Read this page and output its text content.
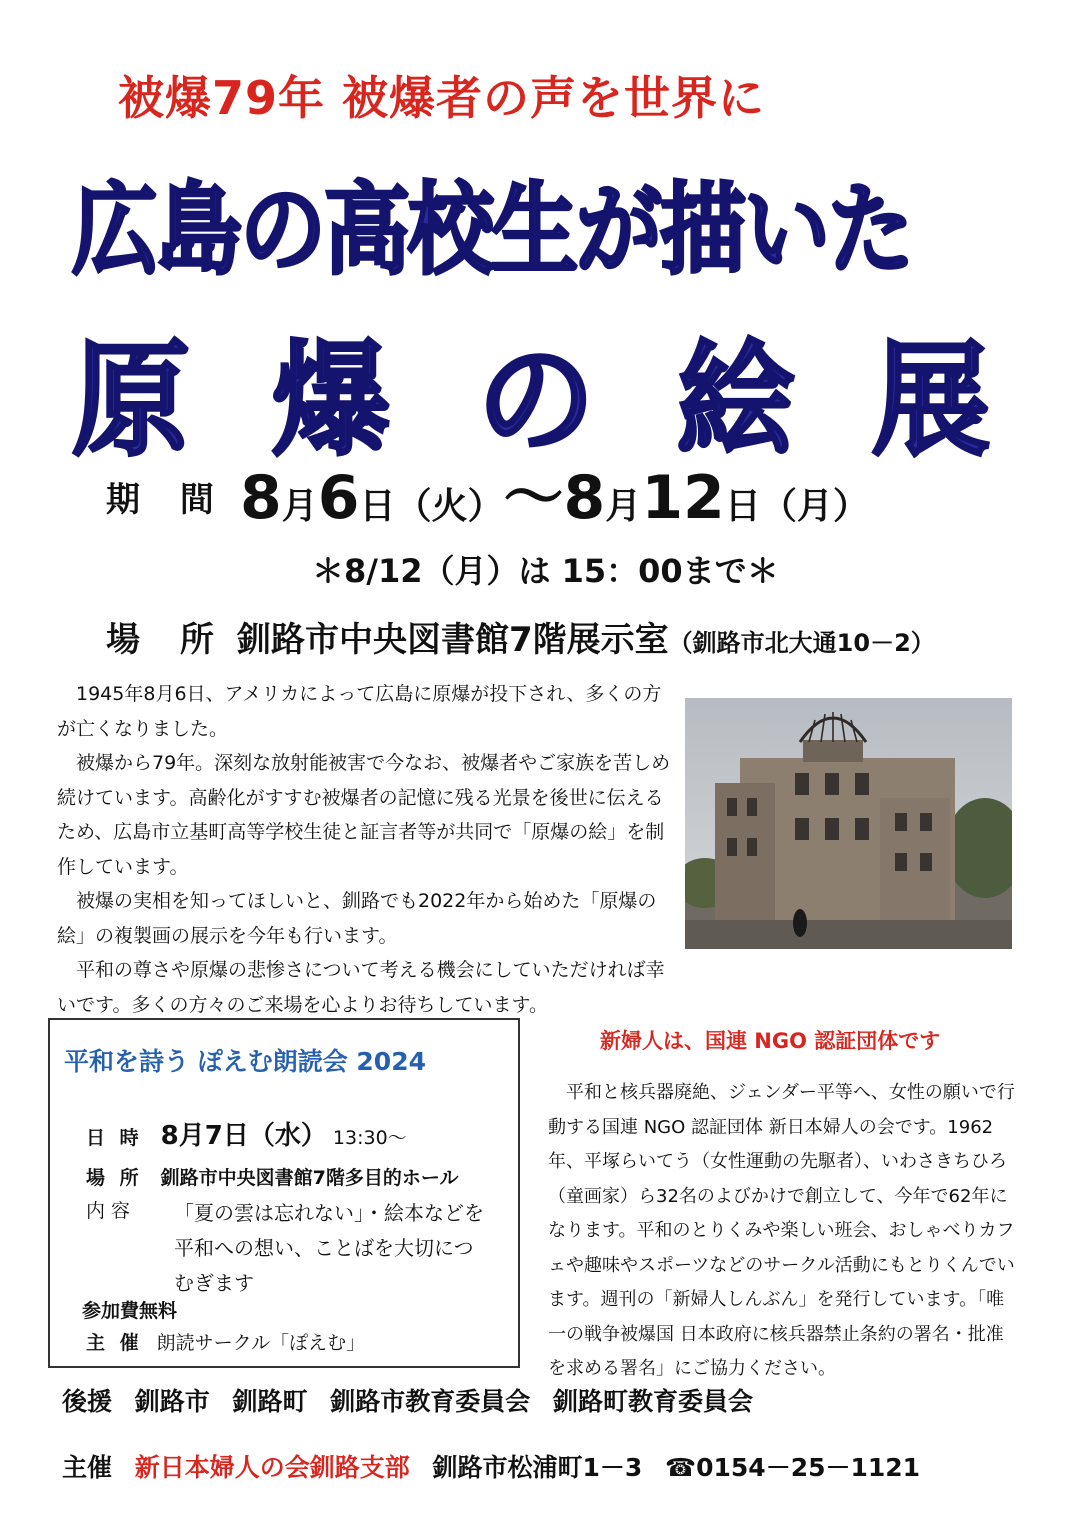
被爆79年 被爆者の声を世界に
広島の高校生が描いた
原 爆 の 絵 展
期 間 8月6日（火）～8月12日（月）
＊8/12（月）は 15：00まで＊
場 所 釧路市中央図書館7階展示室（釧路市北大通10－2）

1945年8月6日、アメリカによって広島に原爆が投下され、多くの方が亡くなりました。

被爆から79年。深刻な放射能被害で今なお、被爆者やご家族を苦しめ続けています。高齢化がすすむ被爆者の記憶に残る光景を後世に伝えるため、広島市立基町高等学校生徒と証言者等が共同で「原爆の絵」を制作しています。

被爆の実相を知ってほしいと、釧路でも2022年から始めた「原爆の絵」の複製画の展示を今年も行います。

平和の尊さや原爆の悲惨さについて考える機会にしていただければ幸いです。多くの方々のご来場を心よりお待ちしています。

平和を詩う ぽえむ朗読会 2024
日 時 8月7日（水） 13:30～
場 所 釧路市中央図書館7階多目的ホール
内 容 「夏の雲は忘れない」・絵本などを
平和への想い、ことばを大切につ
むぎます
参加費無料
主 催 朗読サークル「ぽえむ」
新婦人は、国連 NGO 認証団体です
平和と核兵器廃絶、ジェンダー平等へ、女性の願いで行動する国連 NGO 認証団体 新日本婦人の会です。1962年、平塚らいてう（女性運動の先駆者）、いわさきちひろ（童画家）ら32名のよびかけで創立して、今年で62年になります。平和のとりくみや楽しい班会、おしゃべりカフェや趣味やスポーツなどのサークル活動にもとりくんでいます。週刊の「新婦人しんぶん」を発行しています。「唯一の戦争被爆国 日本政府に核兵器禁止条約の署名・批准を求める署名」にご協力ください。
後援 釧路市 釧路町 釧路市教育委員会 釧路町教育委員会
主催 新日本婦人の会釧路支部 釧路市松浦町1－3 ☎0154－25－1121
